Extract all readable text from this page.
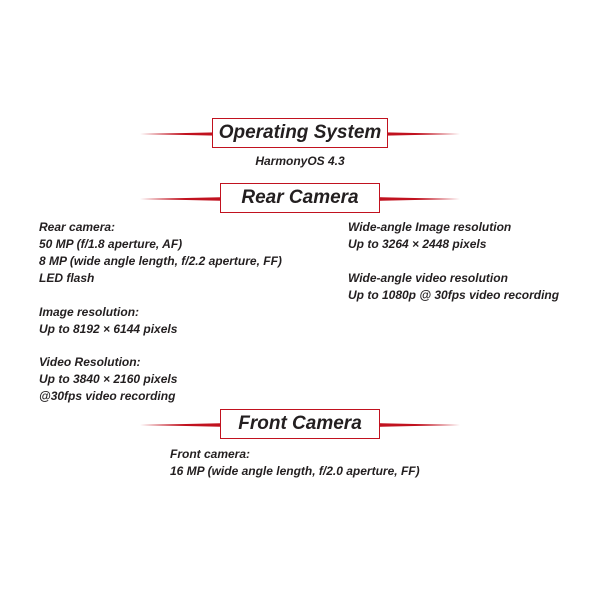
Operating System
HarmonyOS 4.3
Rear Camera
Rear camera:
50 MP (f/1.8 aperture, AF)
8 MP (wide angle length, f/2.2 aperture, FF)
LED flash
Image resolution:
Up to 8192 × 6144 pixels
Video Resolution:
Up to 3840 × 2160 pixels
@30fps video recording
Wide-angle Image resolution
Up to 3264 × 2448 pixels
Wide-angle video resolution
Up to 1080p @ 30fps video recording
Front Camera
Front camera:
16 MP (wide angle length, f/2.0 aperture, FF)
